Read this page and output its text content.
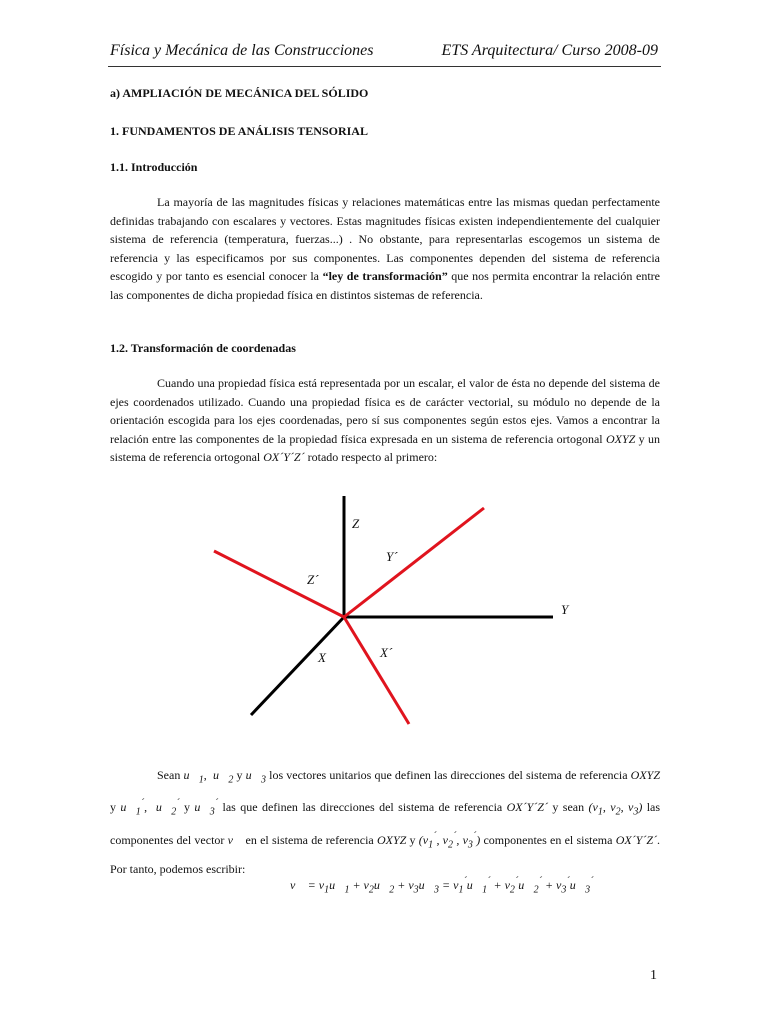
Física y Mecánica de las Construcciones	ETS Arquitectura/ Curso 2008-09
a) AMPLIACIÓN DE MECÁNICA DEL SÓLIDO
1. FUNDAMENTOS DE ANÁLISIS TENSORIAL
1.1. Introducción

La mayoría de las magnitudes físicas y relaciones matemáticas entre las mismas quedan perfectamente definidas trabajando con escalares y vectores. Estas magnitudes físicas existen independientemente del cualquier sistema de referencia (temperatura, fuerzas...) . No obstante, para representarlas escogemos un sistema de referencia y las especificamos por sus componentes. Las componentes dependen del sistema de referencia escogido y por tanto es esencial conocer la “ley de transformación” que nos permita encontrar la relación entre las componentes de dicha propiedad física en distintos sistemas de referencia.

1.2. Transformación de coordenadas

Cuando una propiedad física está representada por un escalar, el valor de ésta no depende del sistema de ejes coordenados utilizado. Cuando una propiedad física es de carácter vectorial, su módulo no depende de la orientación escogida para los ejes coordenadas, pero sí sus componentes según estos ejes. Vamos a encontrar la relación entre las componentes de la propiedad física expresada en un sistema de referencia ortogonal OXYZ y un sistema de referencia ortogonal OX´Y´Z´ rotado respecto al primero:

Z
Y´
Z´
Y
X´
X

Sean $u⃗_1$,  $u⃗_2$ y $u⃗_3$ los vectores unitarios que definen las direcciones del sistema de referencia OXYZ y $u⃗_1^´$,  $u⃗_2^´$ y $u⃗_3^´$ las que definen las direcciones del sistema de referencia OX´Y´Z´ y sean ($v_1$, $v_2$, $v_3$) las componentes del vector v⃗ en el sistema de referencia OXYZ y ($v_1^´$, $v_2^´$, $v_3^´$) componentes en el sistema OX´Y´Z´. Por tanto, podemos escribir:

v⃗ = $v_1u⃗_1$ + $v_2u⃗_2$ + $v_3u⃗_3$ = $v_1^´u⃗_1^´$ + $v_2^´u⃗_2^´$ + $v_3^´u⃗_3^´$
1
